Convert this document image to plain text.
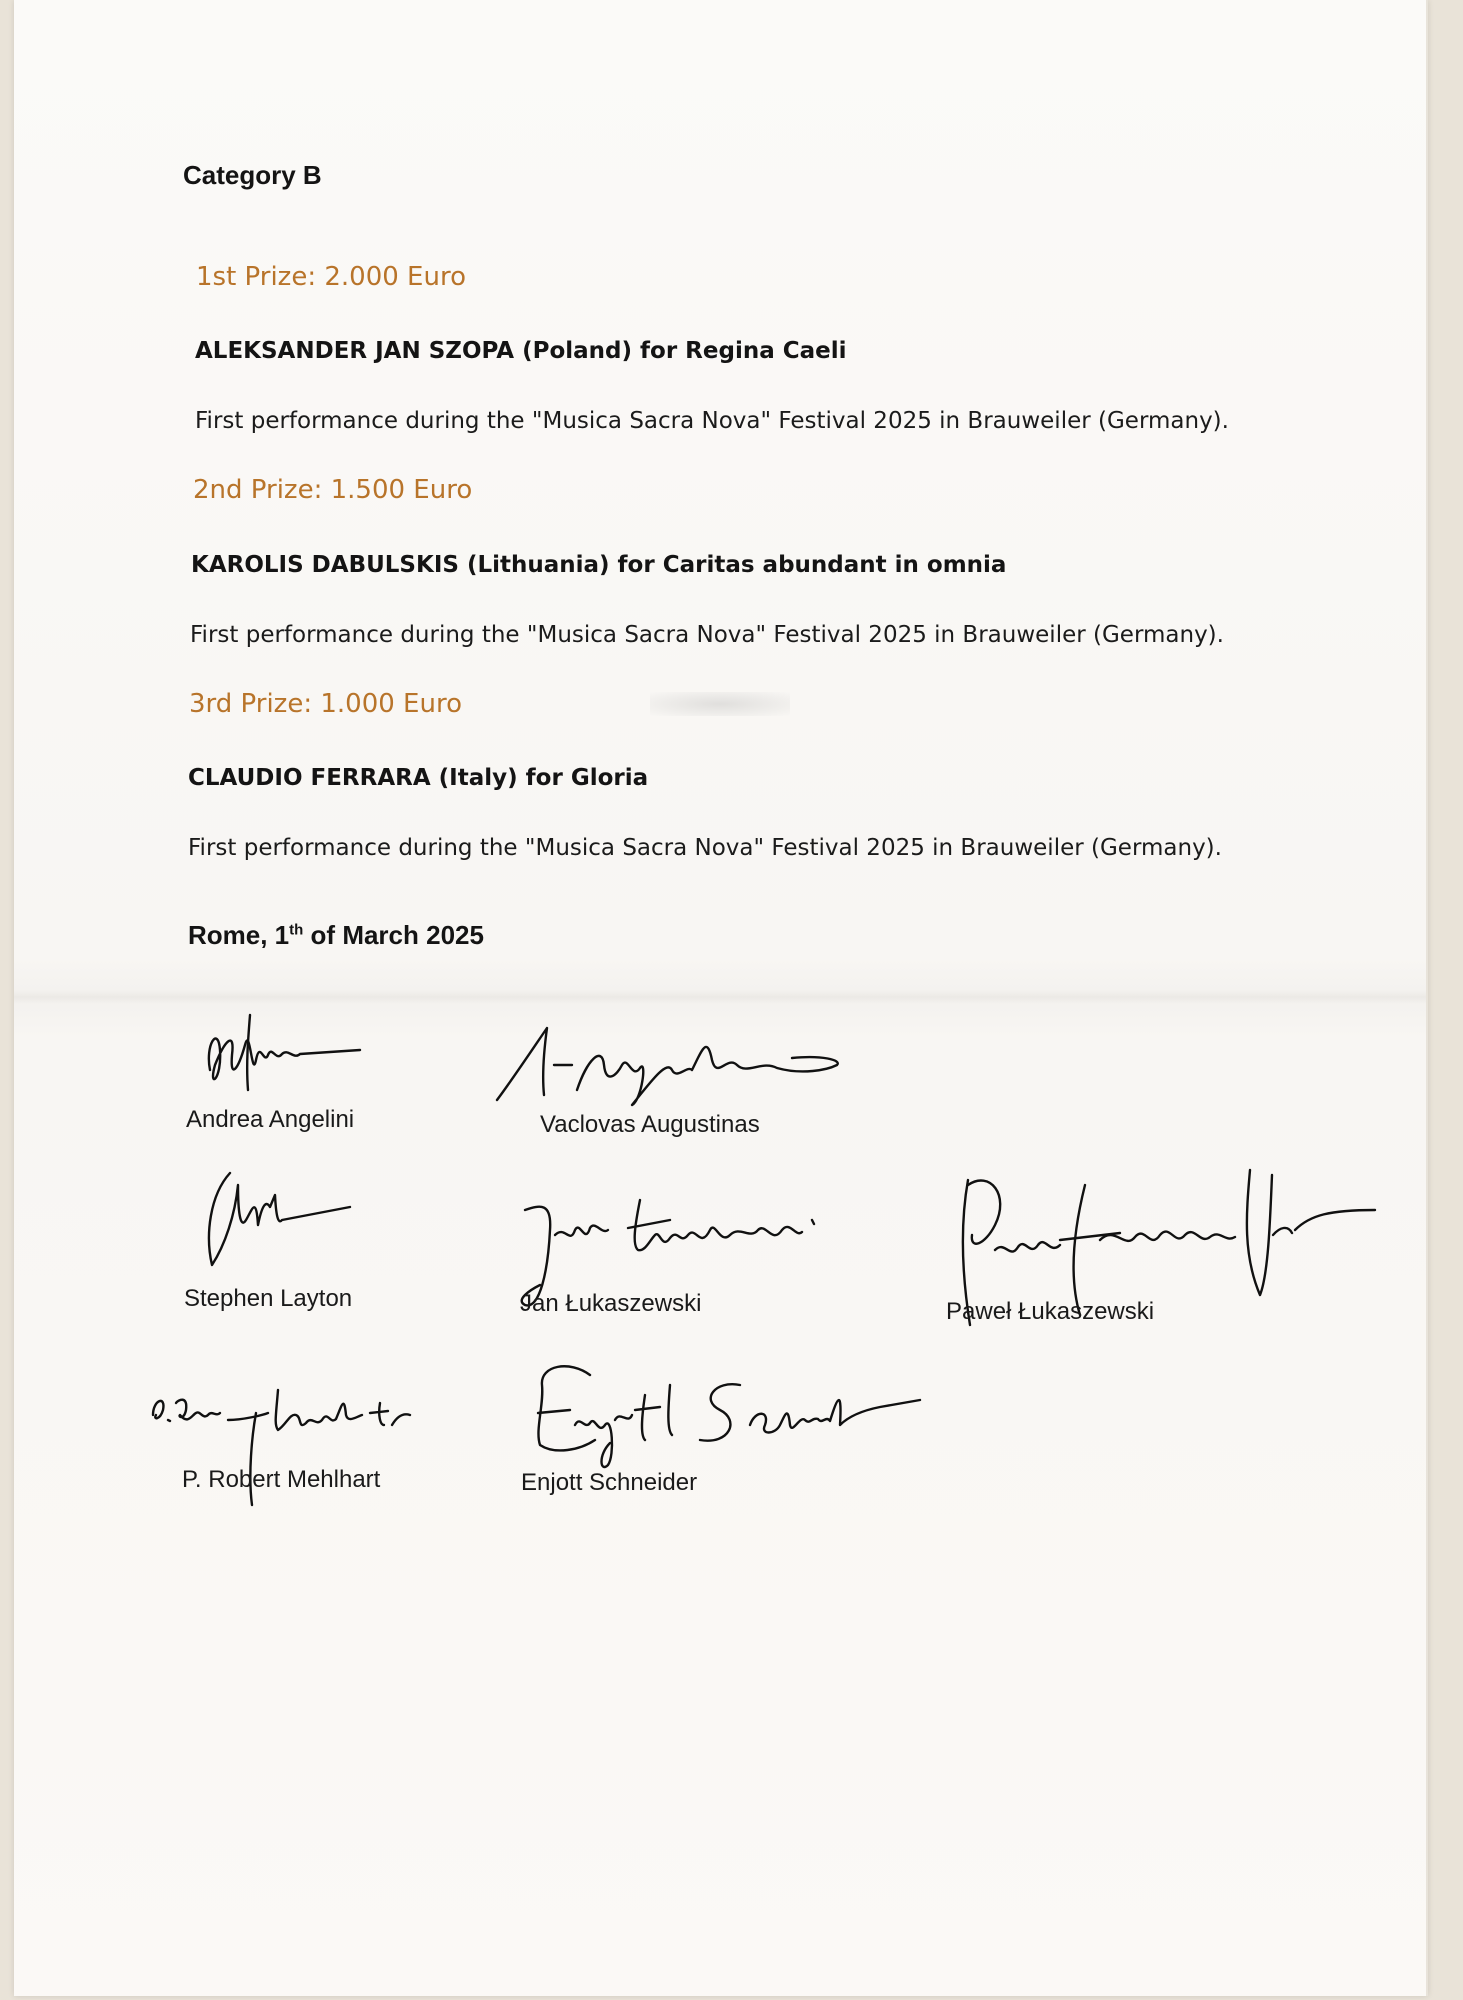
Category B
1st Prize: 2.000 Euro
ALEKSANDER JAN SZOPA (Poland) for Regina Caeli
First performance during the "Musica Sacra Nova" Festival 2025 in Brauweiler (Germany).
2nd Prize: 1.500 Euro
KAROLIS DABULSKIS (Lithuania) for Caritas abundant in omnia
First performance during the "Musica Sacra Nova" Festival 2025 in Brauweiler (Germany).
3rd Prize: 1.000 Euro
CLAUDIO FERRARA (Italy) for Gloria
First performance during the "Musica Sacra Nova" Festival 2025 in Brauweiler (Germany).
Rome, 1th of March 2025
Andrea Angelini	Vaclovas Augustinas
Stephen Layton	Jan Łukaszewski	Paweł Łukaszewski
P. Robert Mehlhart	Enjott Schneider
